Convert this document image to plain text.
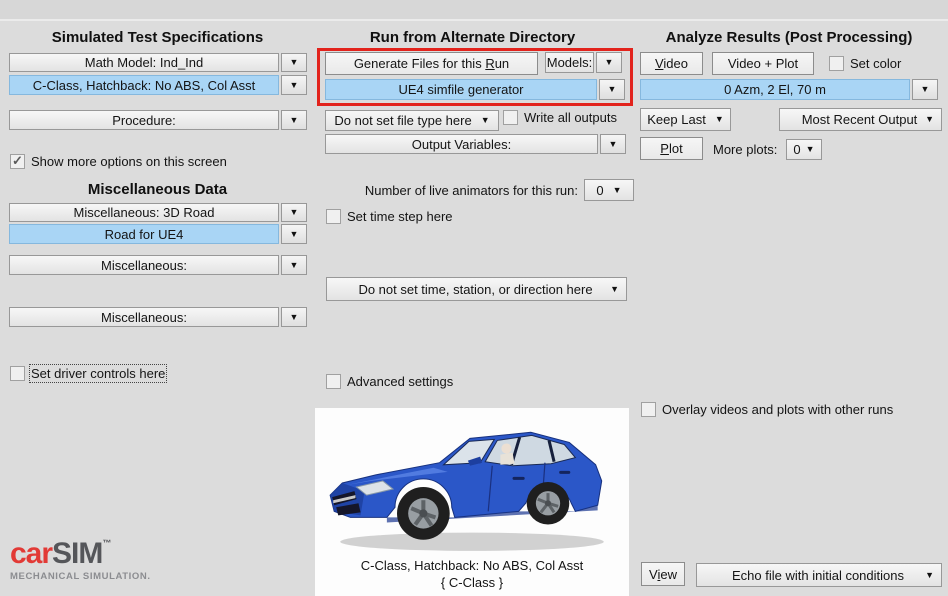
Simulated Test Specifications
Math Model: Ind_Ind	▼
C-Class, Hatchback: No ABS, Col Asst	▼
Procedure:	▼
✓
Show more options on this screen
Miscellaneous Data
Miscellaneous: 3D Road	▼
Road for UE4	▼
Miscellaneous:	▼
Miscellaneous:	▼
Set driver controls here
carSIM™
MECHANICAL SIMULATION.
Run from Alternate Directory
Generate Files for this Run	Models: ▼
UE4 simfile generator	▼
Do not set file type here ▼	Write all outputs
Output Variables:	▼
Number of live animators for this run: 0 ▼
Set time step here
Do not set time, station, or direction here ▼
Advanced settings
C-Class, Hatchback: No ABS, Col Asst
{ C-Class }
Analyze Results (Post Processing)
Video	Video + Plot	Set color
0 Azm, 2 El, 70 m	▼
Keep Last ▼	Most Recent Output ▼
Plot More plots: 0 ▼
Overlay videos and plots with other runs
View	Echo file with initial conditions ▼
